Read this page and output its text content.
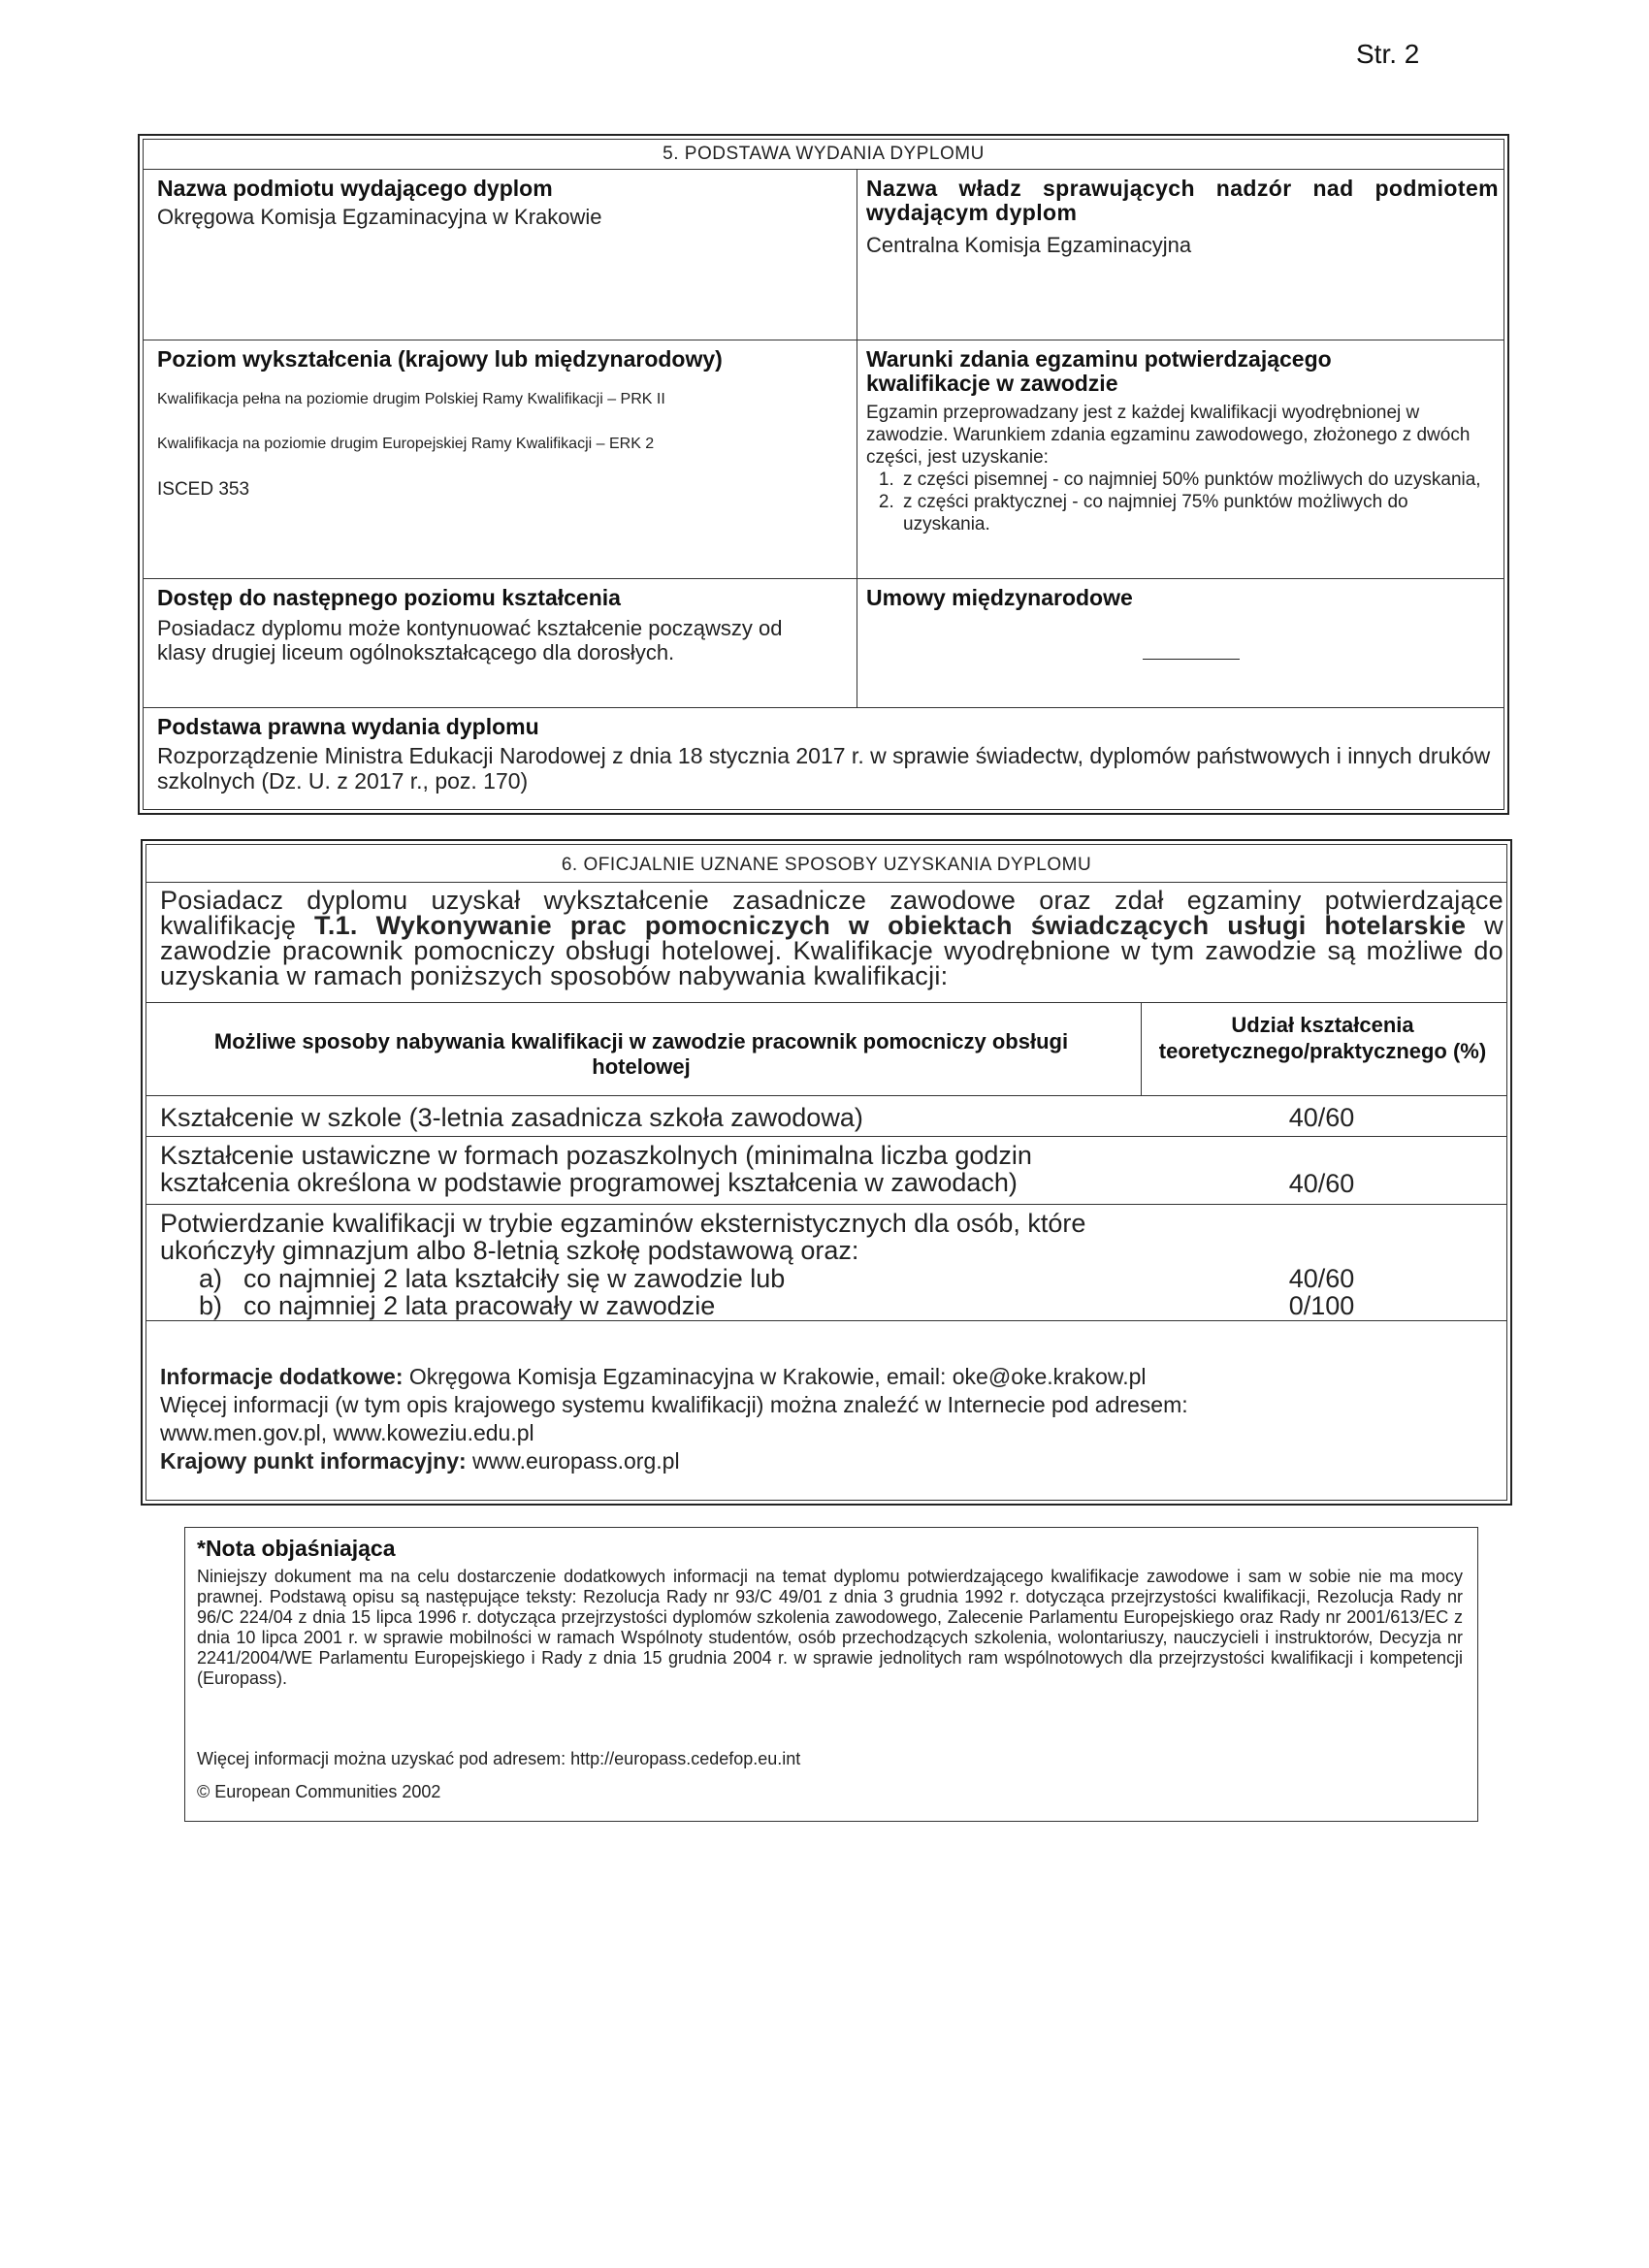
Str. 2
5. PODSTAWA WYDANIA DYPLOMU
Nazwa podmiotu wydającego dyplom
Okręgowa Komisja Egzaminacyjna w Krakowie
Nazwa władz sprawujących nadzór nad podmiotem wydającym dyplom
Centralna Komisja Egzaminacyjna
Poziom wykształcenia (krajowy lub międzynarodowy)
Kwalifikacja pełna na poziomie drugim Polskiej Ramy Kwalifikacji – PRK II
Kwalifikacja na poziomie drugim Europejskiej Ramy Kwalifikacji – ERK 2
ISCED 353
Warunki zdania egzaminu potwierdzającego kwalifikacje w zawodzie
Egzamin przeprowadzany jest z każdej kwalifikacji wyodrębnionej w zawodzie. Warunkiem zdania egzaminu zawodowego, złożonego z dwóch części, jest uzyskanie:
1. z części pisemnej - co najmniej 50% punktów możliwych do uzyskania,
2. z części praktycznej - co najmniej 75% punktów możliwych do uzyskania.
Dostęp do następnego poziomu kształcenia
Posiadacz dyplomu może kontynuować kształcenie począwszy od klasy drugiej liceum ogólnokształcącego dla dorosłych.
Umowy międzynarodowe
Podstawa prawna wydania dyplomu
Rozporządzenie Ministra Edukacji Narodowej z dnia 18 stycznia 2017 r. w sprawie świadectw, dyplomów państwowych i innych druków szkolnych (Dz. U. z 2017 r., poz. 170)
6. OFICJALNIE UZNANE SPOSOBY UZYSKANIA DYPLOMU
Posiadacz dyplomu uzyskał wykształcenie zasadnicze zawodowe oraz zdał egzaminy potwierdzające kwalifikację T.1. Wykonywanie prac pomocniczych w obiektach świadczących usługi hotelarskie w zawodzie pracownik pomocniczy obsługi hotelowej. Kwalifikacje wyodrębnione w tym zawodzie są możliwe do uzyskania w ramach poniższych sposobów nabywania kwalifikacji:
Możliwe sposoby nabywania kwalifikacji w zawodzie pracownik pomocniczy obsługi hotelowej
Udział kształcenia teoretycznego/praktycznego (%)
Kształcenie w szkole (3-letnia zasadnicza szkoła zawodowa)	40/60
Kształcenie ustawiczne w formach pozaszkolnych (minimalna liczba godzin kształcenia określona w podstawie programowej kształcenia w zawodach)	40/60
Potwierdzanie kwalifikacji w trybie egzaminów eksternistycznych dla osób, które ukończyły gimnazjum albo 8-letnią szkołę podstawową oraz:
a) co najmniej 2 lata kształciły się w zawodzie lub	40/60
b) co najmniej 2 lata pracowały w zawodzie	0/100
Informacje dodatkowe: Okręgowa Komisja Egzaminacyjna w Krakowie, email: oke@oke.krakow.pl
Więcej informacji (w tym opis krajowego systemu kwalifikacji) można znaleźć w Internecie pod adresem: www.men.gov.pl, www.koweziu.edu.pl
Krajowy punkt informacyjny: www.europass.org.pl
*Nota objaśniająca
Niniejszy dokument ma na celu dostarczenie dodatkowych informacji na temat dyplomu potwierdzającego kwalifikacje zawodowe i sam w sobie nie ma mocy prawnej. Podstawą opisu są następujące teksty: Rezolucja Rady nr 93/C 49/01 z dnia 3 grudnia 1992 r. dotycząca przejrzystości kwalifikacji, Rezolucja Rady nr 96/C 224/04 z dnia 15 lipca 1996 r. dotycząca przejrzystości dyplomów szkolenia zawodowego, Zalecenie Parlamentu Europejskiego oraz Rady nr 2001/613/EC z dnia 10 lipca 2001 r. w sprawie mobilności w ramach Wspólnoty studentów, osób przechodzących szkolenia, wolontariuszy, nauczycieli i instruktorów, Decyzja nr 2241/2004/WE Parlamentu Europejskiego i Rady z dnia 15 grudnia 2004 r. w sprawie jednolitych ram wspólnotowych dla przejrzystości kwalifikacji i kompetencji (Europass).
Więcej informacji można uzyskać pod adresem: http://europass.cedefop.eu.int
© European Communities 2002
